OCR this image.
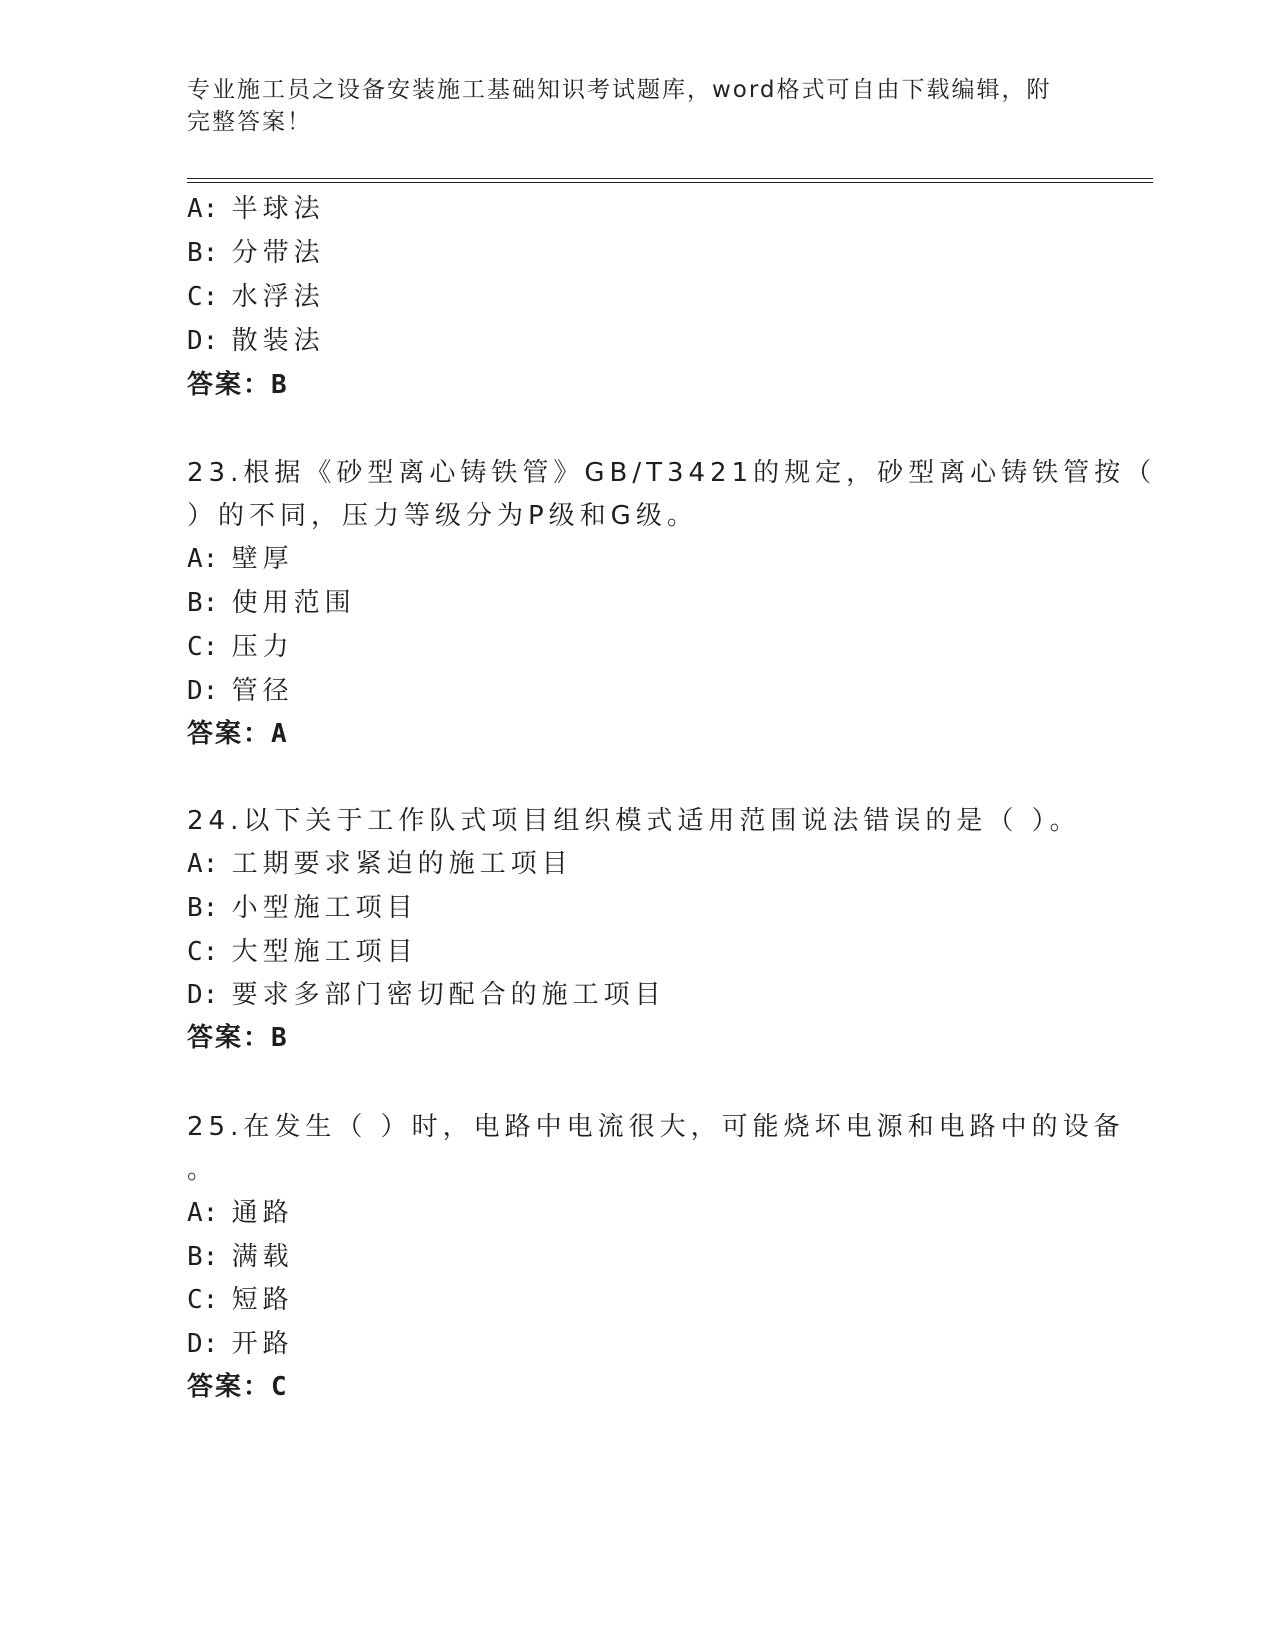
专业施工员之设备安装施工基础知识考试题库，word格式可自由下载编辑，附完整答案！
A: 半球法
B: 分带法
C: 水浮法
D: 散装法
答案：B
23.根据《砂型离心铸铁管》GB/T3421的规定，砂型离心铸铁管按（
）的不同，压力等级分为P级和G级。
A: 壁厚
B: 使用范围
C: 压力
D: 管径
答案：A
24.以下关于工作队式项目组织模式适用范围说法错误的是（ ）。
A: 工期要求紧迫的施工项目
B: 小型施工项目
C: 大型施工项目
D: 要求多部门密切配合的施工项目
答案：B
25.在发生（ ）时，电路中电流很大，可能烧坏电源和电路中的设备
。
A: 通路
B: 满载
C: 短路
D: 开路
答案：C
